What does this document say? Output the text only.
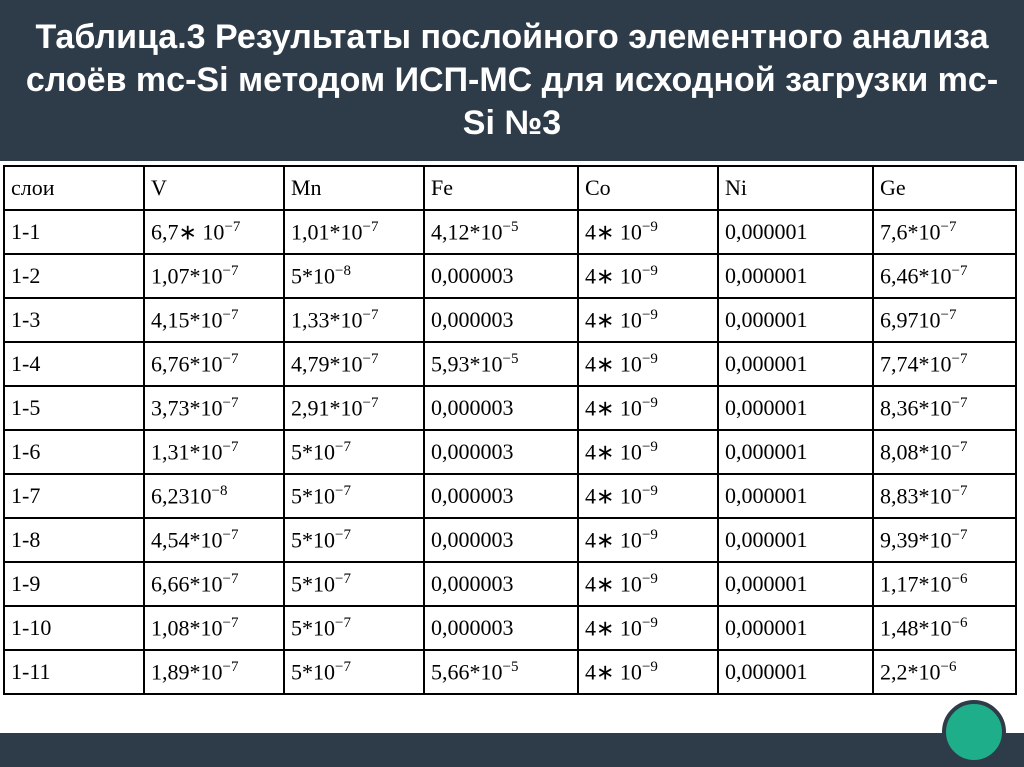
Таблица.3 Результаты послойного элементного анализа слоёв mc-Si методом ИСП-МС для исходной загрузки mc-Si №3
слои	V	Mn	Fe	Co	Ni	Ge
1-1	6,7∗ $10^{-7}$	$1,01*10^{-7}$	$4,12*10^{-5}$	4∗ $10^{-9}$	0,000001	$7,6*10^{-7}$
1-2	$1,07*10^{-7}$	$5*10^{-8}$	0,000003	4∗ $10^{-9}$	0,000001	$6,46*10^{-7}$
1-3	$4,15*10^{-7}$	$1,33*10^{-7}$	0,000003	4∗ $10^{-9}$	0,000001	$6,9710^{-7}$
1-4	$6,76*10^{-7}$	$4,79*10^{-7}$	$5,93*10^{-5}$	4∗ $10^{-9}$	0,000001	$7,74*10^{-7}$
1-5	$3,73*10^{-7}$	$2,91*10^{-7}$	0,000003	4∗ $10^{-9}$	0,000001	$8,36*10^{-7}$
1-6	$1,31*10^{-7}$	$5*10^{-7}$	0,000003	4∗ $10^{-9}$	0,000001	$8,08*10^{-7}$
1-7	$6,2310^{-8}$	$5*10^{-7}$	0,000003	4∗ $10^{-9}$	0,000001	$8,83*10^{-7}$
1-8	$4,54*10^{-7}$	$5*10^{-7}$	0,000003	4∗ $10^{-9}$	0,000001	$9,39*10^{-7}$
1-9	$6,66*10^{-7}$	$5*10^{-7}$	0,000003	4∗ $10^{-9}$	0,000001	$1,17*10^{-6}$
1-10	$1,08*10^{-7}$	$5*10^{-7}$	0,000003	4∗ $10^{-9}$	0,000001	$1,48*10^{-6}$
1-11	$1,89*10^{-7}$	$5*10^{-7}$	$5,66*10^{-5}$	4∗ $10^{-9}$	0,000001	$2,2*10^{-6}$
